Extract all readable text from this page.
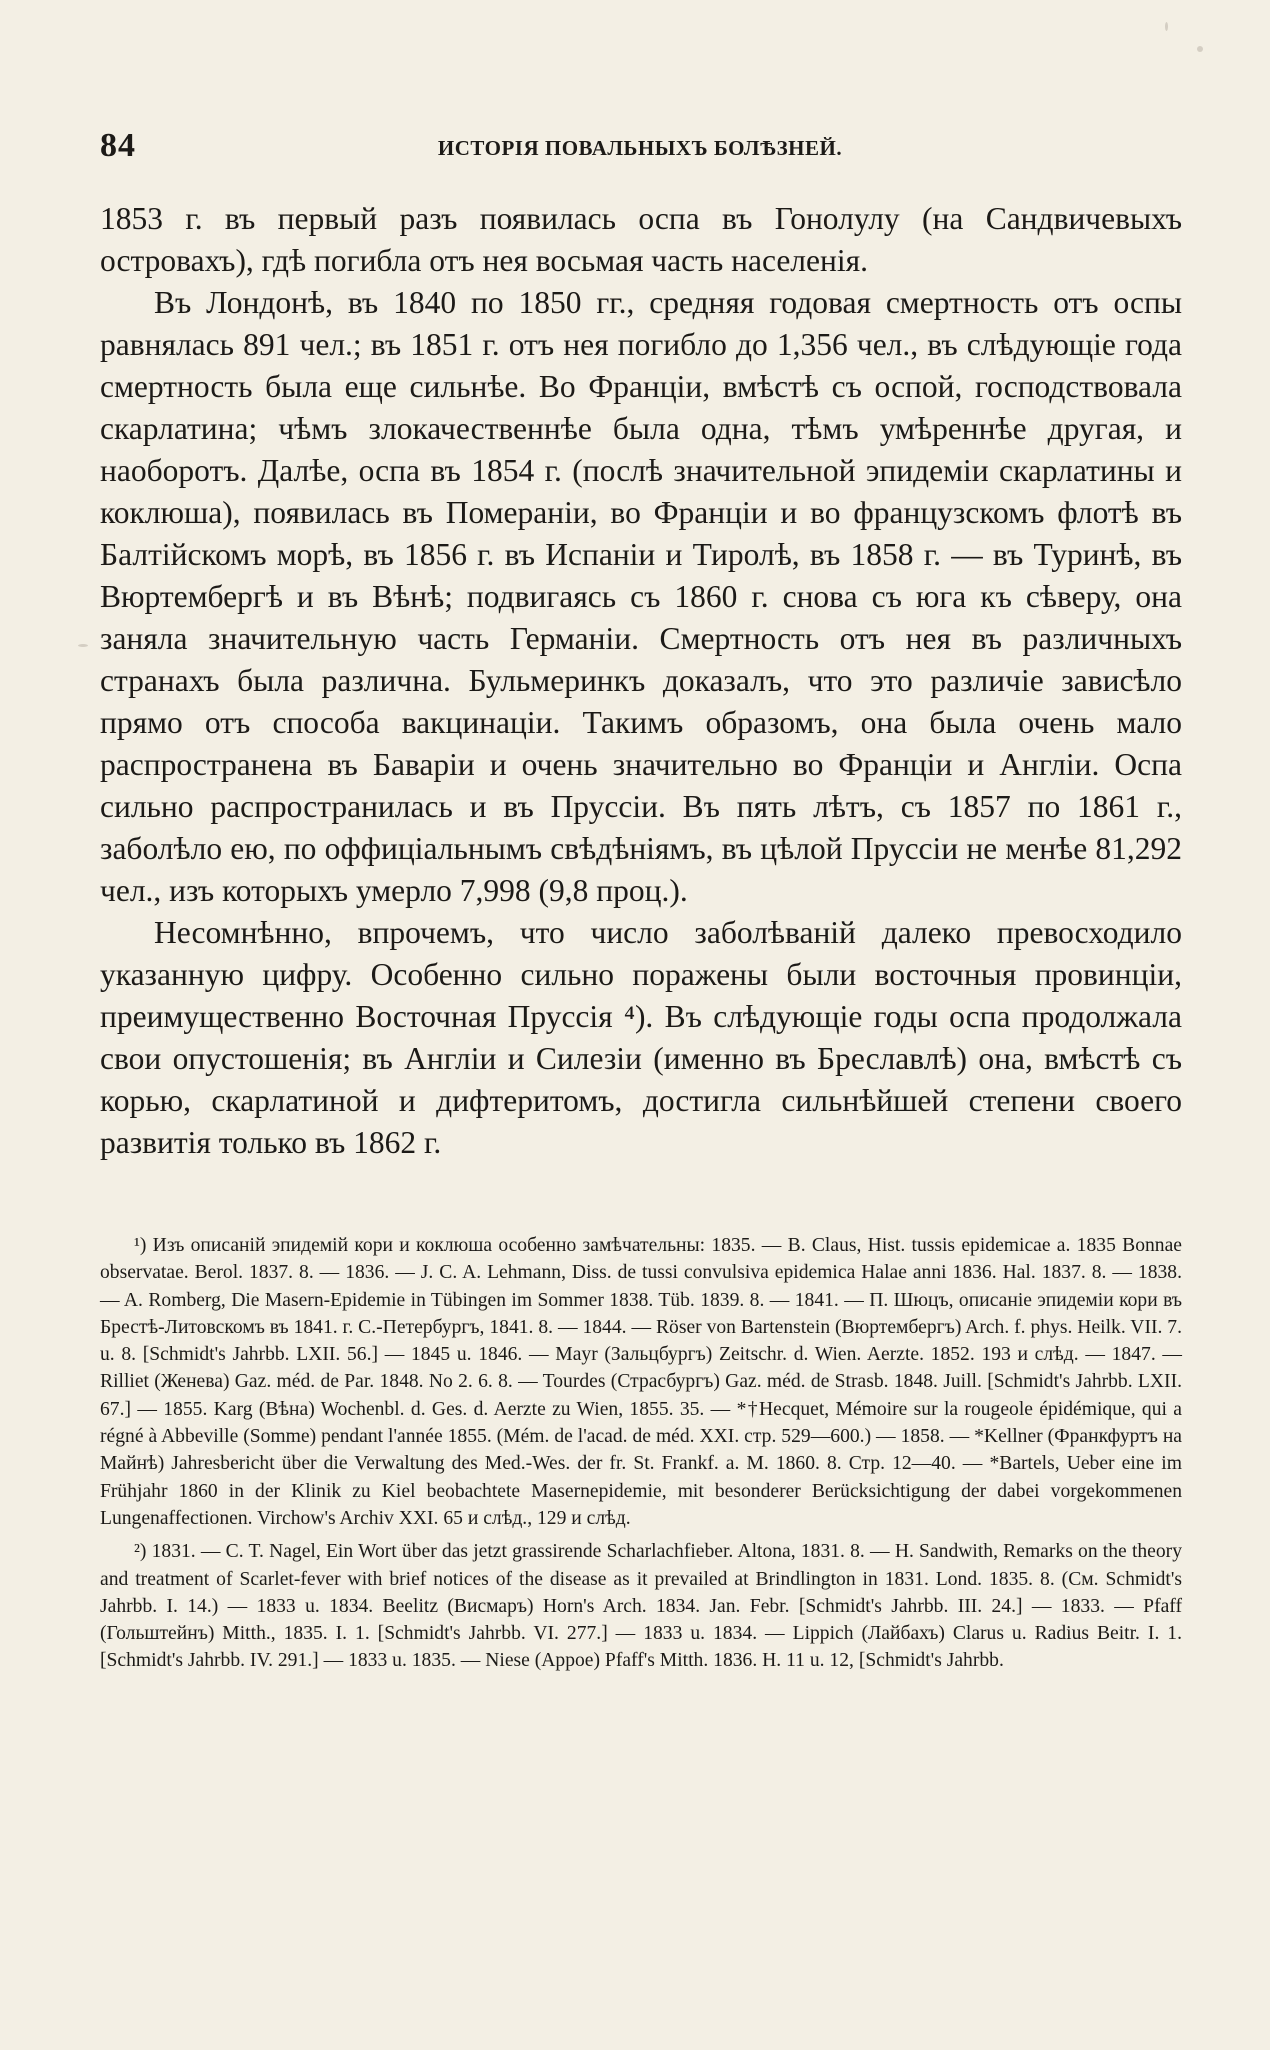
84	ИСТОРІЯ ПОВАЛЬНЫХЪ БОЛѢЗНЕЙ.

1853 г. въ первый разъ появилась оспа въ Гонолулу (на Сандвичевыхъ островахъ), гдѣ погибла отъ нея восьмая часть населенія.

Въ Лондонѣ, въ 1840 по 1850 гг., средняя годовая смертность отъ оспы равнялась 891 чел.; въ 1851 г. отъ нея погибло до 1,356 чел., въ слѣдующіе года смертность была еще сильнѣе. Во Франціи, вмѣстѣ съ оспой, господствовала скарлатина; чѣмъ злокачественнѣе была одна, тѣмъ умѣреннѣе другая, и наоборотъ. Далѣе, оспа въ 1854 г. (послѣ значительной эпидеміи скарлатины и коклюша), появилась въ Помераніи, во Франціи и во французскомъ флотѣ въ Балтійскомъ морѣ, въ 1856 г. въ Испаніи и Тиролѣ, въ 1858 г. — въ Туринѣ, въ Вюртембергѣ и въ Вѣнѣ; подвигаясь съ 1860 г. снова съ юга къ сѣверу, она заняла значительную часть Германіи. Смертность отъ нея въ различныхъ странахъ была различна. Бульмеринкъ доказалъ, что это различіе зависѣло прямо отъ способа вакцинаціи. Такимъ образомъ, она была очень мало распространена въ Баваріи и очень значительно во Франціи и Англіи. Оспа сильно распространилась и въ Пруссіи. Въ пять лѣтъ, съ 1857 по 1861 г., заболѣло ею, по оффиціальнымъ свѣдѣніямъ, въ цѣлой Пруссіи не менѣе 81,292 чел., изъ которыхъ умерло 7,998 (9,8 проц.).

Несомнѣнно, впрочемъ, что число заболѣваній далеко превосходило указанную цифру. Особенно сильно поражены были восточныя провинціи, преимущественно Восточная Пруссія ⁴). Въ слѣдующіе годы оспа продолжала свои опустошенія; въ Англіи и Силезіи (именно въ Бреславлѣ) она, вмѣстѣ съ корью, скарлатиной и дифтеритомъ, достигла сильнѣйшей степени своего развитія только въ 1862 г.

¹) Изъ описаній эпидемій кори и коклюша особенно замѣчательны: 1835. — B. Claus, Hist. tussis epidemicae a. 1835 Bonnae observatae. Berol. 1837. 8. — 1836. — J. C. A. Lehmann, Diss. de tussi convulsiva epidemica Halae anni 1836. Hal. 1837. 8. — 1838. — A. Romberg, Die Masern-Epidemie in Tübingen im Sommer 1838. Tüb. 1839. 8. — 1841. — П. Шюцъ, описаніе эпидеміи кори въ Брестѣ-Литовскомъ въ 1841. г. С.-Петербургъ, 1841. 8. — 1844. — Röser von Bartenstein (Вюртембергъ) Arch. f. phys. Heilk. VII. 7. u. 8. [Schmidt's Jahrbb. LXII. 56.] — 1845 u. 1846. — Mayr (Зальцбургъ) Zeitschr. d. Wien. Aerzte. 1852. 193 и слѣд. — 1847. — Rilliet (Женева) Gaz. méd. de Par. 1848. No 2. 6. 8. — Tourdes (Страсбургъ) Gaz. méd. de Strasb. 1848. Juill. [Schmidt's Jahrbb. LXII. 67.] — 1855. Karg (Вѣна) Wochenbl. d. Ges. d. Aerzte zu Wien, 1855. 35. — *†Hecquet, Mémoire sur la rougeole épidémique, qui a régné à Abbeville (Somme) pendant l'année 1855. (Mém. de l'acad. de méd. XXI. стр. 529—600.) — 1858. — *Kellner (Франкфуртъ на Майнѣ) Jahresbericht über die Verwaltung des Med.-Wes. der fr. St. Frankf. a. M. 1860. 8. Стр. 12—40. — *Bartels, Ueber eine im Frühjahr 1860 in der Klinik zu Kiel beobachtete Masernepidemie, mit besonderer Berücksichtigung der dabei vorgekommenen Lungenaffectionen. Virchow's Archiv XXI. 65 и слѣд., 129 и слѣд.

²) 1831. — C. T. Nagel, Ein Wort über das jetzt grassirende Scharlachfieber. Altona, 1831. 8. — H. Sandwith, Remarks on the theory and treatment of Scarlet-fever with brief notices of the disease as it prevailed at Brindlington in 1831. Lond. 1835. 8. (См. Schmidt's Jahrbb. I. 14.) — 1833 u. 1834. Beelitz (Висмаръ) Horn's Arch. 1834. Jan. Febr. [Schmidt's Jahrbb. III. 24.] — 1833. — Pfaff (Гольштейнъ) Mitth., 1835. I. 1. [Schmidt's Jahrbb. VI. 277.] — 1833 u. 1834. — Lippich (Лайбахъ) Clarus u. Radius Beitr. I. 1. [Schmidt's Jahrbb. IV. 291.] — 1833 u. 1835. — Niese (Арроe) Pfaff's Mitth. 1836. H. 11 u. 12, [Schmidt's Jahrbb.
